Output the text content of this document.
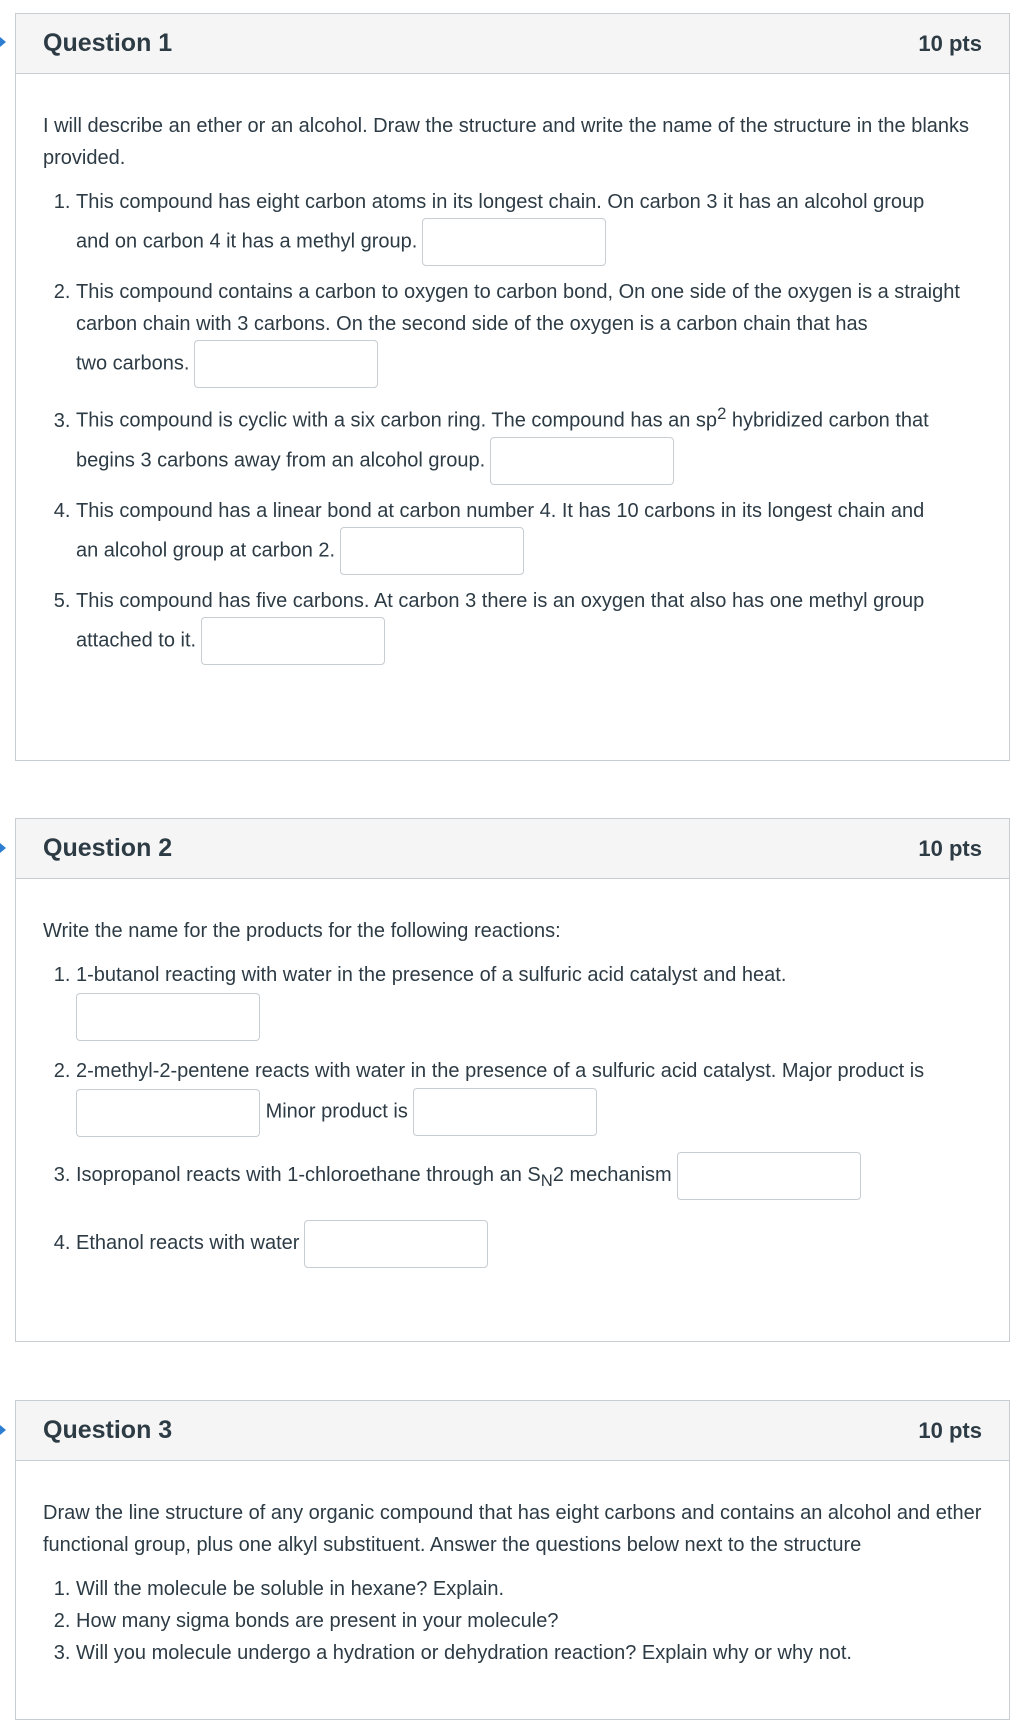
Question 1	10 pts

I will describe an ether or an alcohol. Draw the structure and write the name of the structure in the blanks provided.

1. This compound has eight carbon atoms in its longest chain. On carbon 3 it has an alcohol group
and on carbon 4 it has a methyl group.
2. This compound contains a carbon to oxygen to carbon bond, On one side of the oxygen is a straight carbon chain with 3 carbons. On the second side of the oxygen is a carbon chain that has
two carbons.
3. This compound is cyclic with a six carbon ring. The compound has an $sp^2$ hybridized carbon that
begins 3 carbons away from an alcohol group.
4. This compound has a linear bond at carbon number 4. It has 10 carbons in its longest chain and
an alcohol group at carbon 2.
5. This compound has five carbons. At carbon 3 there is an oxygen that also has one methyl group
attached to it.
Question 2	10 pts

Write the name for the products for the following reactions:

1. 1-butanol reacting with water in the presence of a sulfuric acid catalyst and heat.

2. 2-methyl-2-pentene reacts with water in the presence of a sulfuric acid catalyst. Major product is
Minor product is
3. Isopropanol reacts with 1-chloroethane through an $S_N2$ mechanism
4. Ethanol reacts with water
Question 3	10 pts

Draw the line structure of any organic compound that has eight carbons and contains an alcohol and ether functional group, plus one alkyl substituent. Answer the questions below next to the structure

1. Will the molecule be soluble in hexane? Explain.
2. How many sigma bonds are present in your molecule?
3. Will you molecule undergo a hydration or dehydration reaction? Explain why or why not.
